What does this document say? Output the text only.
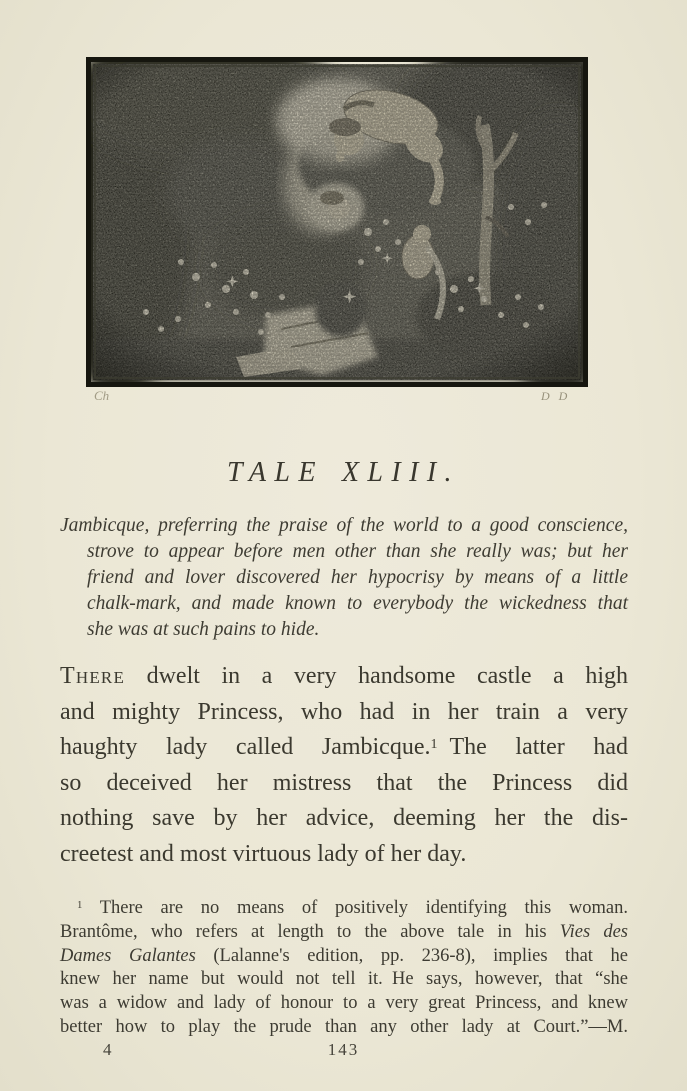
Ch	D D
TALE XLIII.
Jambicque, preferring the praise of the world to a good conscience,
strove to appear before men other than she really was; but her
friend and lover discovered her hypocrisy by means of a little
chalk-mark, and made known to everybody the wickedness that
she was at such pains to hide.
There dwelt in a very handsome castle a high
and mighty Princess, who had in her train a very
haughty lady called Jambicque.$^1$ The latter had
so deceived her mistress that the Princess did
nothing save by her advice, deeming her the dis-
creetest and most virtuous lady of her day.
$^1$ There are no means of positively identifying this woman.
Brantôme, who refers at length to the above tale in his Vies des
Dames Galantes (Lalanne's edition, pp. 236-8), implies that he
knew her name but would not tell it. He says, however, that “she
was a widow and lady of honour to a very great Princess, and knew
better how to play the prude than any other lady at Court.”—M.
4	143
